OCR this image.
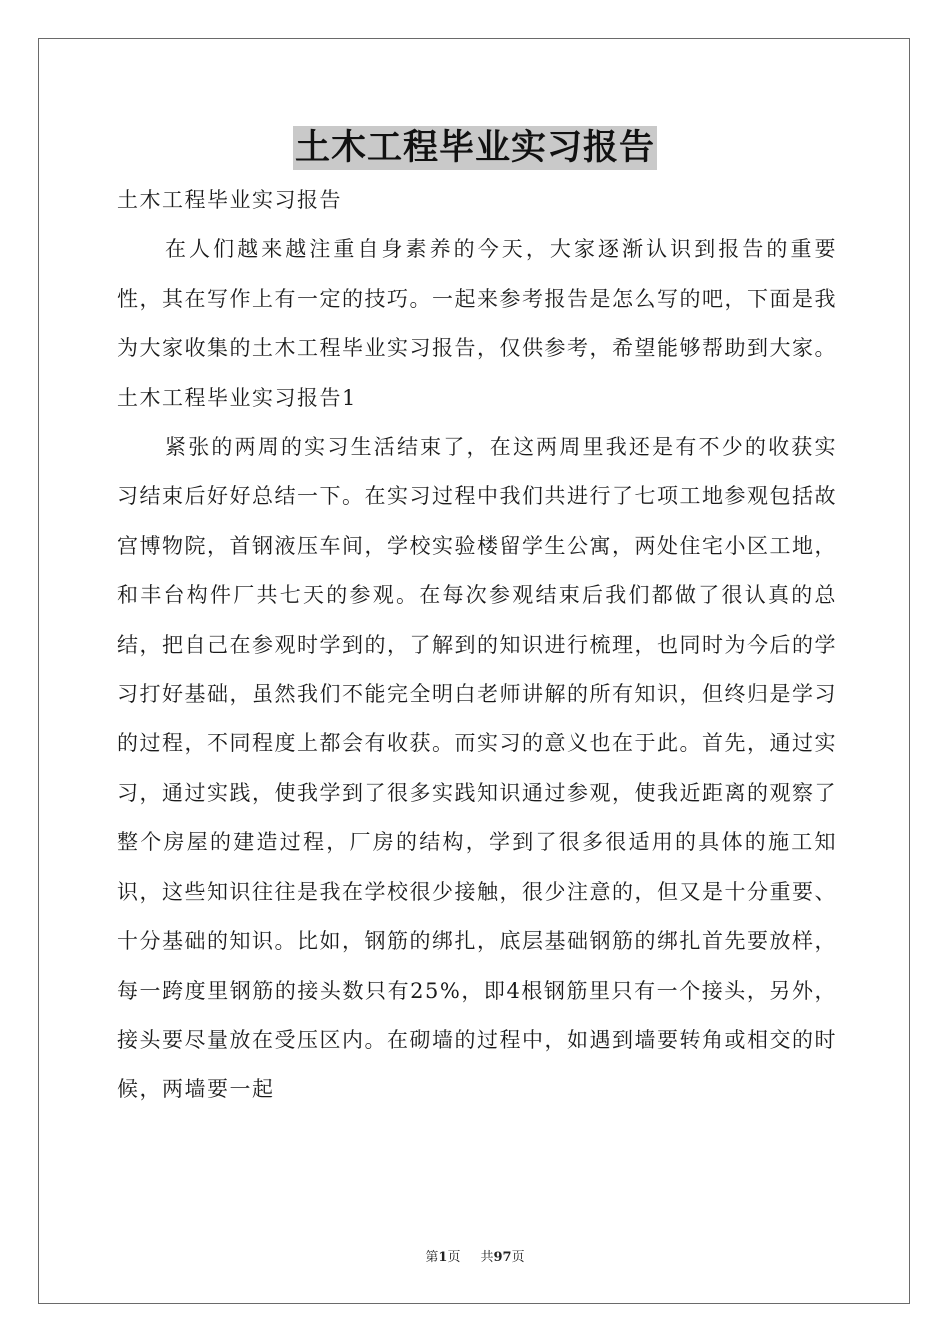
土木工程毕业实习报告

土木工程毕业实习报告

在人们越来越注重自身素养的今天，大家逐渐认识到报告的重要性，其在写作上有一定的技巧。一起来参考报告是怎么写的吧，下面是我为大家收集的土木工程毕业实习报告，仅供参考，希望能够帮助到大家。

土木工程毕业实习报告1

紧张的两周的实习生活结束了，在这两周里我还是有不少的收获实习结束后好好总结一下。在实习过程中我们共进行了七项工地参观包括故宫博物院，首钢液压车间，学校实验楼留学生公寓，两处住宅小区工地，和丰台构件厂共七天的参观。在每次参观结束后我们都做了很认真的总结，把自己在参观时学到的，了解到的知识进行梳理，也同时为今后的学习打好基础，虽然我们不能完全明白老师讲解的所有知识，但终归是学习的过程，不同程度上都会有收获。而实习的意义也在于此。首先，通过实习，通过实践，使我学到了很多实践知识通过参观，使我近距离的观察了整个房屋的建造过程，厂房的结构，学到了很多很适用的具体的施工知识，这些知识往往是我在学校很少接触，很少注意的，但又是十分重要、十分基础的知识。比如，钢筋的绑扎，底层基础钢筋的绑扎首先要放样，每一跨度里钢筋的接头数只有25%，即4根钢筋里只有一个接头，另外，接头要尽量放在受压区内。在砌墙的过程中，如遇到墙要转角或相交的时候，两墙要一起

第1页 共97页
